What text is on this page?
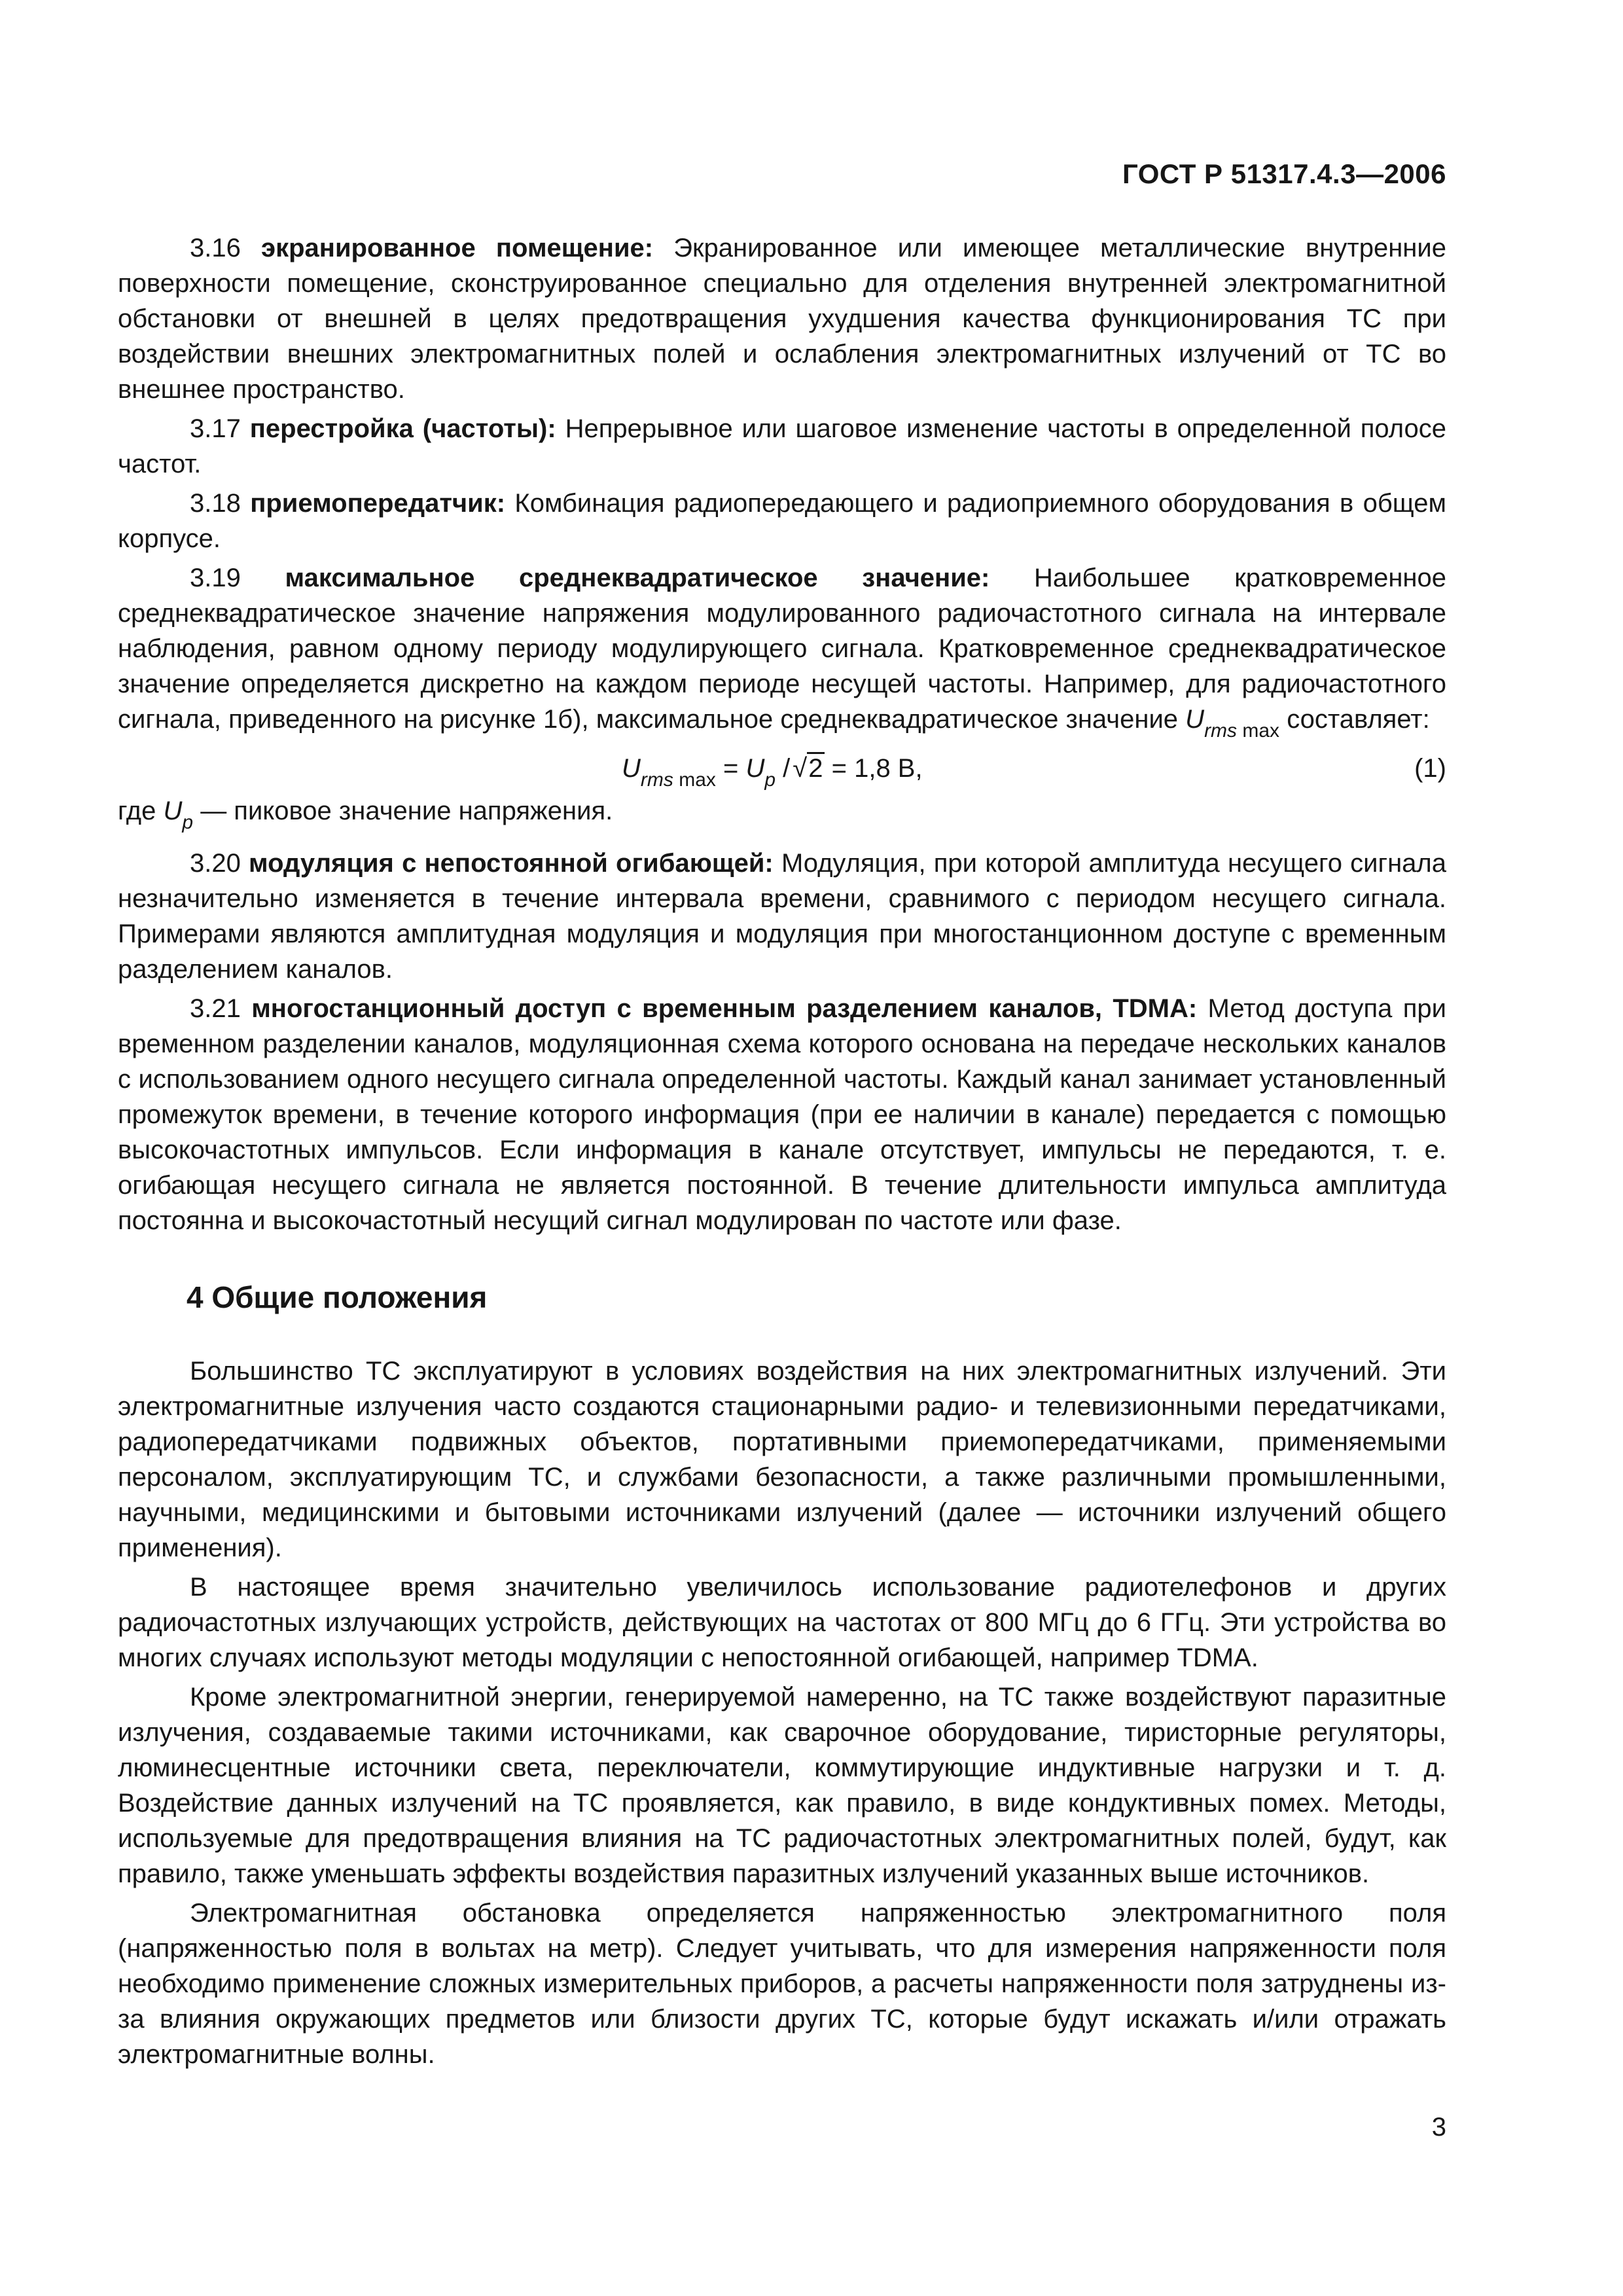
ГОСТ Р 51317.4.3—2006

3.16 экранированное помещение: Экранированное или имеющее металлические внутренние поверхности помещение, сконструированное специально для отделения внутренней электромагнитной обстановки от внешней в целях предотвращения ухудшения качества функционирования ТС при воздействии внешних электромагнитных полей и ослабления электромагнитных излучений от ТС во внешнее пространство.

3.17 перестройка (частоты): Непрерывное или шаговое изменение частоты в определенной полосе частот.

3.18 приемопередатчик: Комбинация радиопередающего и радиоприемного оборудования в общем корпусе.

3.19 максимальное среднеквадратическое значение: Наибольшее кратковременное среднеквадратическое значение напряжения модулированного радиочастотного сигнала на интервале наблюдения, равном одному периоду модулирующего сигнала. Кратковременное среднеквадратическое значение определяется дискретно на каждом периоде несущей частоты. Например, для радиочастотного сигнала, приведенного на рисунке 1б), максимальное среднеквадратическое значение $U_{rms max}$ составляет:

$U_{rms max} = U_p / √2 = 1,8$ В,	(1)

где $U_p$ — пиковое значение напряжения.

3.20 модуляция с непостоянной огибающей: Модуляция, при которой амплитуда несущего сигнала незначительно изменяется в течение интервала времени, сравнимого с периодом несущего сигнала. Примерами являются амплитудная модуляция и модуляция при многостанционном доступе с временным разделением каналов.

3.21 многостанционный доступ с временным разделением каналов, TDMA: Метод доступа при временном разделении каналов, модуляционная схема которого основана на передаче нескольких каналов с использованием одного несущего сигнала определенной частоты. Каждый канал занимает установленный промежуток времени, в течение которого информация (при ее наличии в канале) передается с помощью высокочастотных импульсов. Если информация в канале отсутствует, импульсы не передаются, т. е. огибающая несущего сигнала не является постоянной. В течение длительности импульса амплитуда постоянна и высокочастотный несущий сигнал модулирован по частоте или фазе.

4 Общие положения

Большинство ТС эксплуатируют в условиях воздействия на них электромагнитных излучений. Эти электромагнитные излучения часто создаются стационарными радио- и телевизионными передатчиками, радиопередатчиками подвижных объектов, портативными приемопередатчиками, применяемыми персоналом, эксплуатирующим ТС, и службами безопасности, а также различными промышленными, научными, медицинскими и бытовыми источниками излучений (далее — источники излучений общего применения).

В настоящее время значительно увеличилось использование радиотелефонов и других радиочастотных излучающих устройств, действующих на частотах от 800 МГц до 6 ГГц. Эти устройства во многих случаях используют методы модуляции с непостоянной огибающей, например TDMA.

Кроме электромагнитной энергии, генерируемой намеренно, на ТС также воздействуют паразитные излучения, создаваемые такими источниками, как сварочное оборудование, тиристорные регуляторы, люминесцентные источники света, переключатели, коммутирующие индуктивные нагрузки и т. д. Воздействие данных излучений на ТС проявляется, как правило, в виде кондуктивных помех. Методы, используемые для предотвращения влияния на ТС радиочастотных электромагнитных полей, будут, как правило, также уменьшать эффекты воздействия паразитных излучений указанных выше источников.

Электромагнитная обстановка определяется напряженностью электромагнитного поля (напряженностью поля в вольтах на метр). Следует учитывать, что для измерения напряженности поля необходимо применение сложных измерительных приборов, а расчеты напряженности поля затруднены из-за влияния окружающих предметов или близости других ТС, которые будут искажать и/или отражать электромагнитные волны.

3
